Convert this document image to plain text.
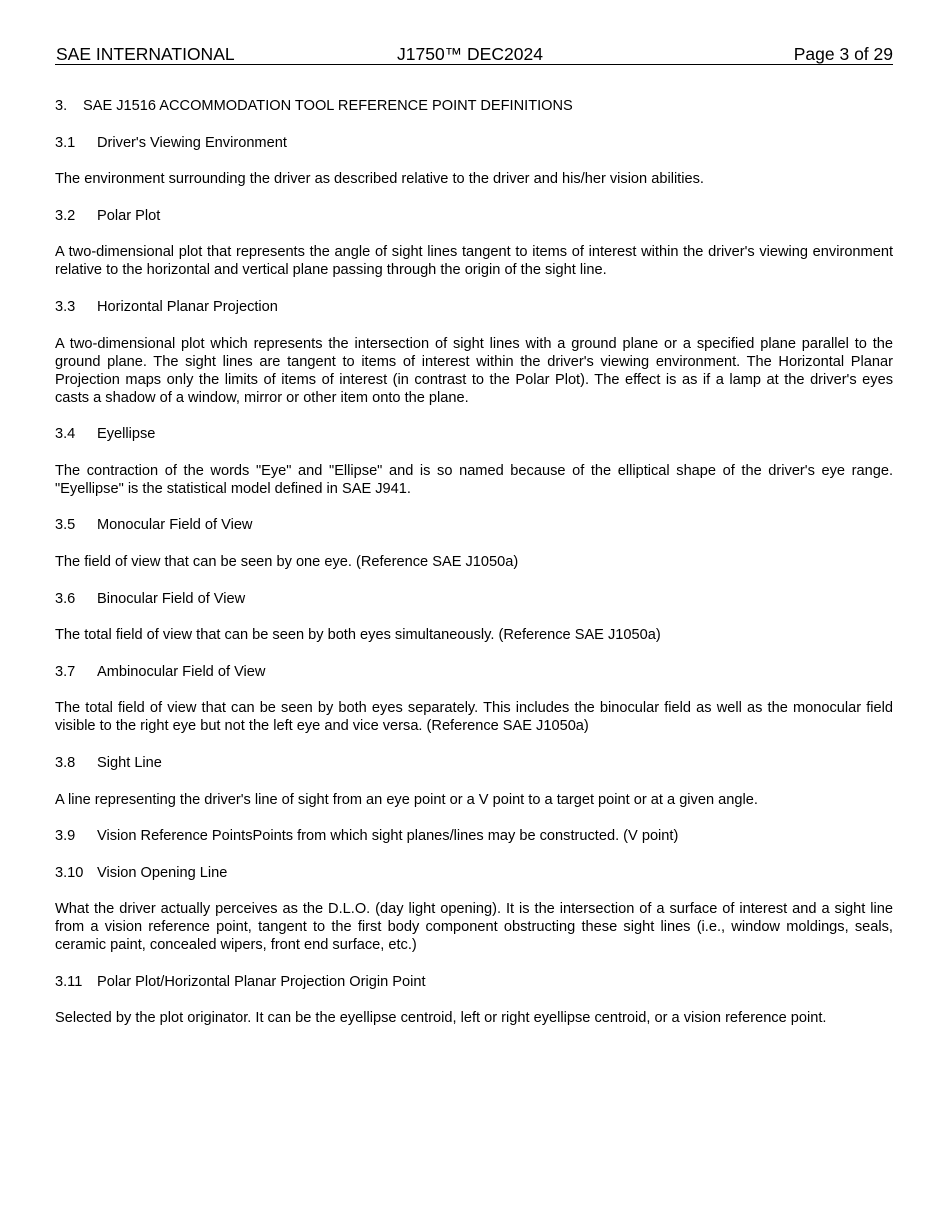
SAE INTERNATIONAL	J1750™ DEC2024	Page 3 of 29
3. SAE J1516 ACCOMMODATION TOOL REFERENCE POINT DEFINITIONS
3.1 Driver's Viewing Environment
The environment surrounding the driver as described relative to the driver and his/her vision abilities.
3.2 Polar Plot
A two-dimensional plot that represents the angle of sight lines tangent to items of interest within the driver's viewing environment relative to the horizontal and vertical plane passing through the origin of the sight line.
3.3 Horizontal Planar Projection
A two-dimensional plot which represents the intersection of sight lines with a ground plane or a specified plane parallel to the ground plane. The sight lines are tangent to items of interest within the driver's viewing environment. The Horizontal Planar Projection maps only the limits of items of interest (in contrast to the Polar Plot). The effect is as if a lamp at the driver's eyes casts a shadow of a window, mirror or other item onto the plane.
3.4 Eyellipse
The contraction of the words "Eye" and "Ellipse" and is so named because of the elliptical shape of the driver's eye range. "Eyellipse" is the statistical model defined in SAE J941.
3.5 Monocular Field of View
The field of view that can be seen by one eye. (Reference SAE J1050a)
3.6 Binocular Field of View
The total field of view that can be seen by both eyes simultaneously. (Reference SAE J1050a)
3.7 Ambinocular Field of View
The total field of view that can be seen by both eyes separately. This includes the binocular field as well as the monocular field visible to the right eye but not the left eye and vice versa. (Reference SAE J1050a)
3.8 Sight Line
A line representing the driver's line of sight from an eye point or a V point to a target point or at a given angle.
3.9 Vision Reference PointsPoints from which sight planes/lines may be constructed. (V point)
3.10 Vision Opening Line
What the driver actually perceives as the D.L.O. (day light opening). It is the intersection of a surface of interest and a sight line from a vision reference point, tangent to the first body component obstructing these sight lines (i.e., window moldings, seals, ceramic paint, concealed wipers, front end surface, etc.)
3.11 Polar Plot/Horizontal Planar Projection Origin Point
Selected by the plot originator. It can be the eyellipse centroid, left or right eyellipse centroid, or a vision reference point.
